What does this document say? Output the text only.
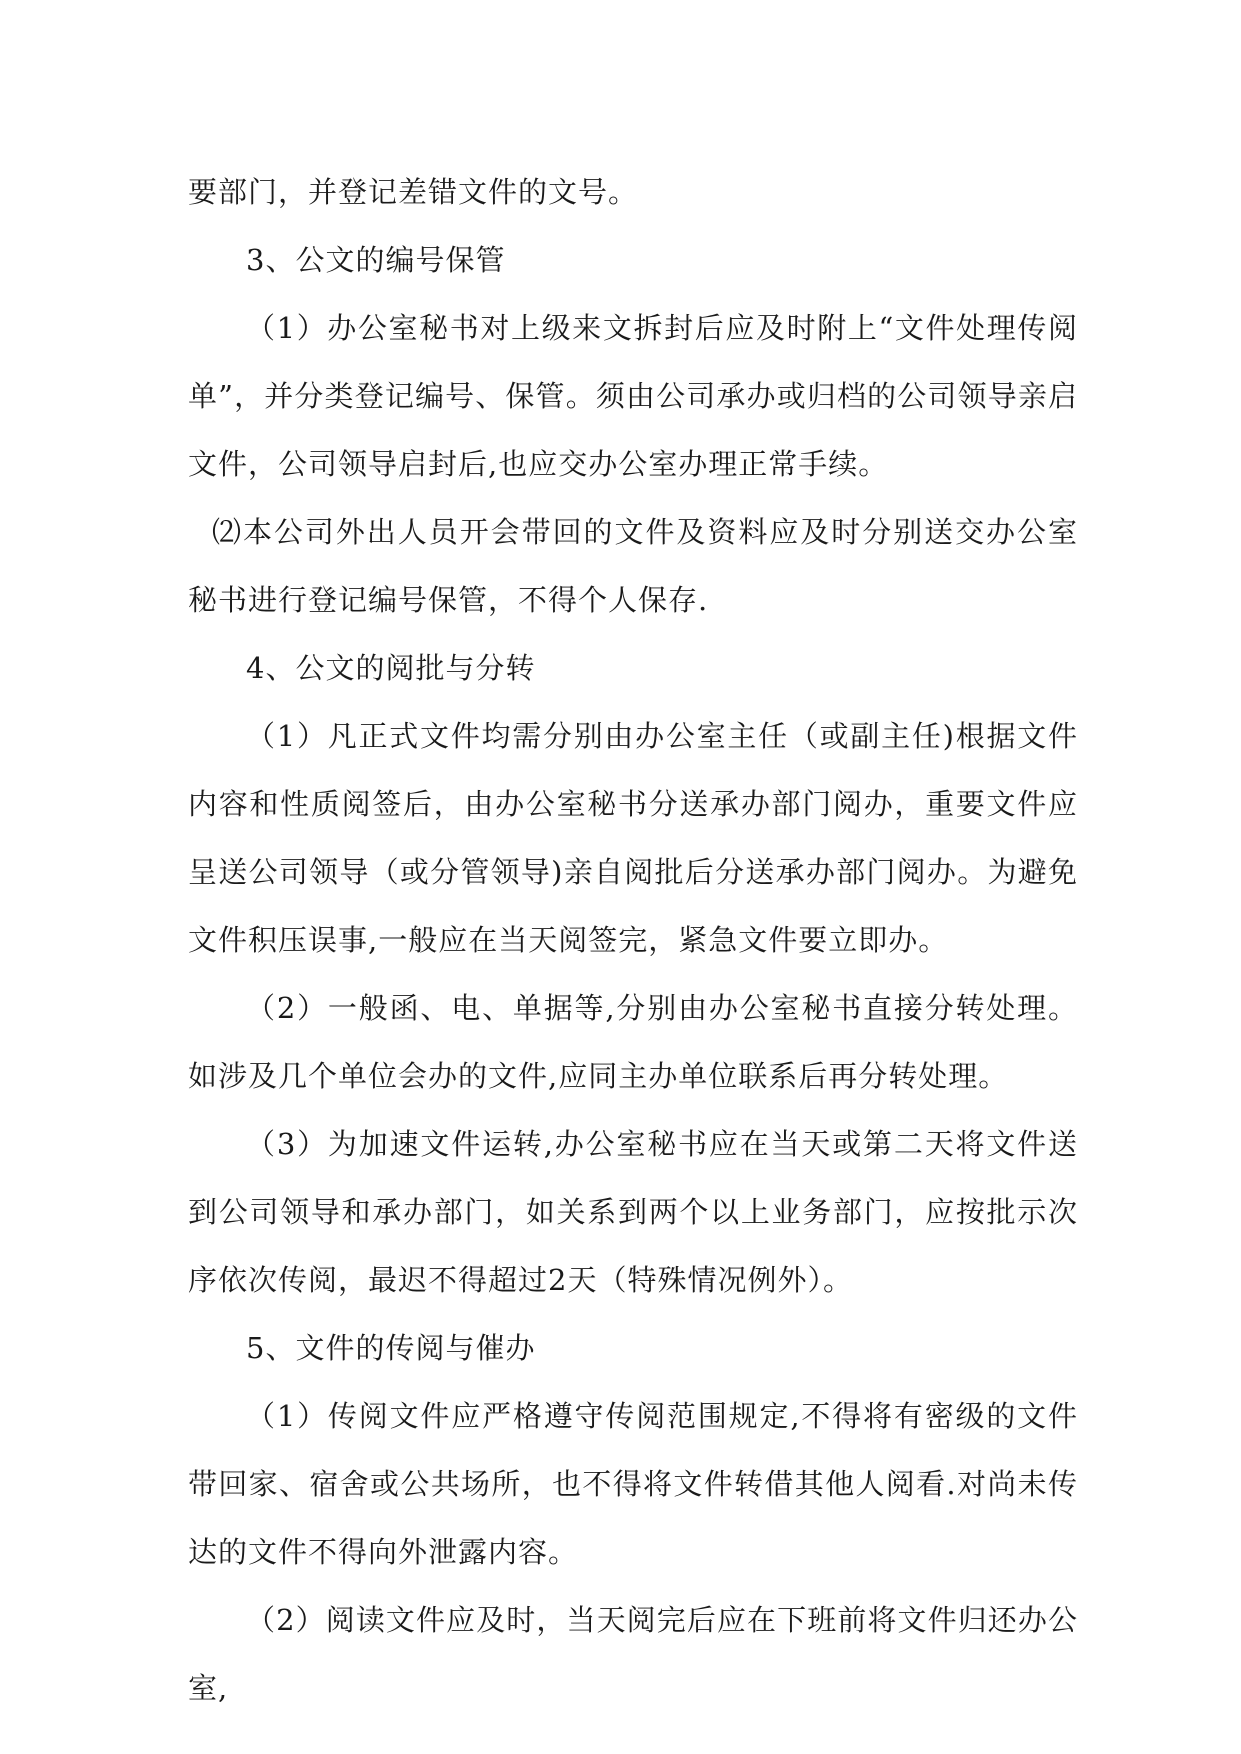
要部门，并登记差错文件的文号。

3、公文的编号保管

（1）办公室秘书对上级来文拆封后应及时附上“文件处理传阅单”，并分类登记编号、保管。须由公司承办或归档的公司领导亲启文件，公司领导启封后,也应交办公室办理正常手续。

⑵本公司外出人员开会带回的文件及资料应及时分别送交办公室秘书进行登记编号保管，不得个人保存.

4、公文的阅批与分转

（1）凡正式文件均需分别由办公室主任（或副主任)根据文件内容和性质阅签后，由办公室秘书分送承办部门阅办，重要文件应呈送公司领导（或分管领导)亲自阅批后分送承办部门阅办。为避免文件积压误事,一般应在当天阅签完，紧急文件要立即办。

（2）一般函、电、单据等,分别由办公室秘书直接分转处理。如涉及几个单位会办的文件,应同主办单位联系后再分转处理。

（3）为加速文件运转,办公室秘书应在当天或第二天将文件送到公司领导和承办部门，如关系到两个以上业务部门，应按批示次序依次传阅，最迟不得超过2天（特殊情况例外）。

5、文件的传阅与催办

（1）传阅文件应严格遵守传阅范围规定,不得将有密级的文件带回家、宿舍或公共场所，也不得将文件转借其他人阅看.对尚未传达的文件不得向外泄露内容。

（2）阅读文件应及时，当天阅完后应在下班前将文件归还办公室,
